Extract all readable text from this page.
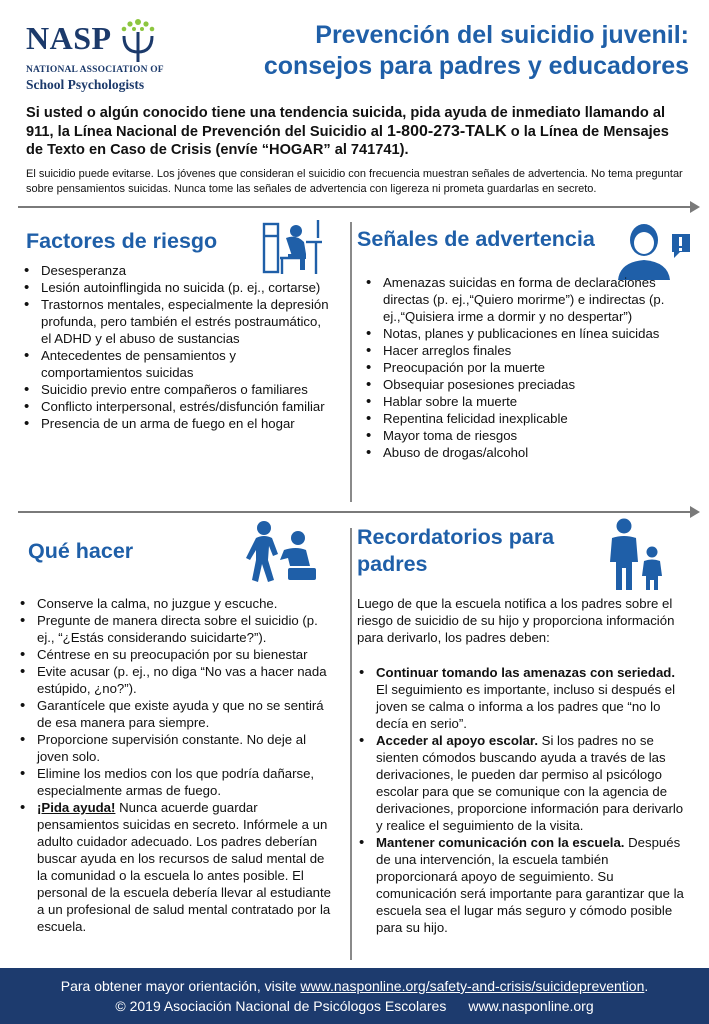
NASP
NATIONAL ASSOCIATION OF
School Psychologists
Prevención del suicidio juvenil:
consejos para padres y educadores
Si usted o algún conocido tiene una tendencia suicida, pida ayuda de inmediato llamando al 911, la Línea Nacional de Prevención del Suicidio al 1-800-273-TALK o la Línea de Mensajes de Texto en Caso de Crisis (envíe “HOGAR” al 741741).
El suicidio puede evitarse. Los jóvenes que consideran el suicidio con frecuencia muestran señales de advertencia. No tema preguntar sobre pensamientos suicidas. Nunca tome las señales de advertencia con ligereza ni prometa guardarlas en secreto.
Factores de riesgo
• Desesperanza
• Lesión autoinflingida no suicida (p. ej., cortarse)
• Trastornos mentales, especialmente la depresión profunda, pero también el estrés postraumático, el ADHD y el abuso de sustancias
• Antecedentes de pensamientos y comportamientos suicidas
• Suicidio previo entre compañeros o familiares
• Conflicto interpersonal, estrés/disfunción familiar
• Presencia de un arma de fuego en el hogar
Señales de advertencia
• Amenazas suicidas en forma de declaraciones directas (p. ej.,“Quiero morirme”) e indirectas (p. ej.,“Quisiera irme a dormir y no despertar”)
• Notas, planes y publicaciones en línea suicidas
• Hacer arreglos finales
• Preocupación por la muerte
• Obsequiar posesiones preciadas
• Hablar sobre la muerte
• Repentina felicidad inexplicable
• Mayor toma de riesgos
• Abuso de drogas/alcohol
Qué hacer
• Conserve la calma, no juzgue y escuche.
• Pregunte de manera directa sobre el suicidio (p. ej., “¿Estás considerando suicidarte?”).
• Céntrese en su preocupación por su bienestar
• Evite acusar (p. ej., no diga “No vas a hacer nada estúpido, ¿no?”).
• Garantícele que existe ayuda y que no se sentirá de esa manera para siempre.
• Proporcione supervisión constante. No deje al joven solo.
• Elimine los medios con los que podría dañarse, especialmente armas de fuego.
• ¡Pida ayuda! Nunca acuerde guardar pensamientos suicidas en secreto. Infórmele a un adulto cuidador adecuado. Los padres deberían buscar ayuda en los recursos de salud mental de la comunidad o la escuela lo antes posible. El personal de la escuela debería llevar al estudiante a un profesional de salud mental contratado por la escuela.
Recordatorios para padres
Luego de que la escuela notifica a los padres sobre el riesgo de suicidio de su hijo y proporciona información para derivarlo, los padres deben:
• Continuar tomando las amenazas con seriedad. El seguimiento es importante, incluso si después el joven se calma o informa a los padres que “no lo decía en serio”.
• Acceder al apoyo escolar. Si los padres no se sienten cómodos buscando ayuda a través de las derivaciones, le pueden dar permiso al psicólogo escolar para que se comunique con la agencia de derivaciones, proporcione información para derivarlo y realice el seguimiento de la visita.
• Mantener comunicación con la escuela. Después de una intervención, la escuela también proporcionará apoyo de seguimiento. Su comunicación será importante para garantizar que la escuela sea el lugar más seguro y cómodo posible para su hijo.
Para obtener mayor orientación, visite www.nasponline.org/safety-and-crisis/suicideprevention.
© 2019 Asociación Nacional de Psicólogos Escolares www.nasponline.org
